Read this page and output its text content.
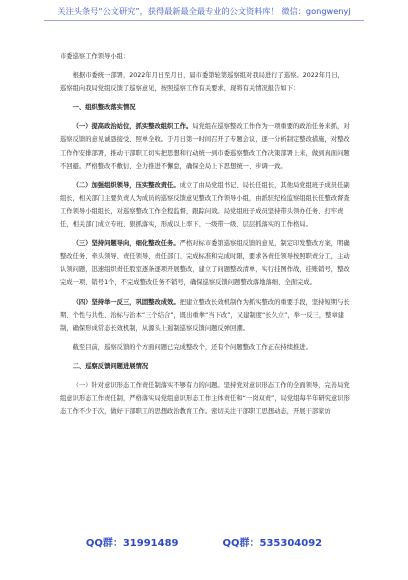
关注头条号“公文研究”，获得最新最全最专业的公文资料库！ 微信：gongwenyj

市委巡察工作领导小组：

根据市委统一部署，2022年月日至月日，届市委第轮第巡察组对我局进行了巡察。2022年月日，巡察组向我局党组反馈了巡察意见，按照巡察工作有关要求，现将有关情况报告如下：

一、组织整改落实情况

（一）提高政治站位，抓实整改组织工作。局党组在巡察整改工作作为一项重要的政治任务来抓，对巡察反馈的意见诚恳接受、照单全收。于月日第一时间召开了专题会议，逐一分析制定整改措施，对整改工作作安排部署，推动干部职工切实把思想和行动统一到市委巡察整改工作决策部署上来，做到真面问题不回避。严格整改不敷衍、全力推进不懈怠，确保全局上下思想统一、步调一致。

（二）加强组织领导，压实整改责任。成立了由局党组书记、局长任组长，其他局党组班子成员任副组长，相关部门主要负责人为成员的巡察反馈意见整改工作领导小组，由派驻纪检监察组组长任整改督查工作领导小组组长，对巡察整改工作全程监督，跟踪问效。局党组班子成员坚持带头领办任务、打牢责任，相关部门成立专班、狠抓落实，形成以上率下、一级带一级、层层抓落实的工作格局。

（三）坚持问题导向，细化整改任务。严格对标市委第巡察组反馈的意见，制定印发整改方案，明确整改任务、牵头领导、责任领导、责任部门、完成标准和完成时限，要求各责任领导按照职责分工，主动认领问题，迅速组织责任股室逐条逐项开展整改，建立了问题整改清单，实行挂图作战，挂账销号，整改完成一项、销号1个，不完成整改任务不销号，确保巡察反馈问题整改落地落细、全面完成。

（四）坚持举一反三，巩固整改成效。把建立整改长效机制作为抓实整改的重要手段，坚持短期与长期、个性与共性、治标与治本“三个结合”，既出重拳“当下改”，又建制度“长久立”，举一反三，整章建制，确保形成常态长效机制，从源头上遏制巡察反馈问题反弹回潮。

截至目前，巡察反馈的个方面问题已完成整改个，还有个问题整改工作正在持续推进。

二、巡察反馈问题进展情况

（一）针对意识形态工作责任制落实不够有力的问题。坚持党对意识形态工作的全面领导，完善局党组意识形态工作责任制，严格落实局党组意识形态工作主体责任和“一岗双责”，局党组每半年研究意识形态工作不少于次，做好干部职工的思想政治教育工作。密切关注干部职工思想动态，开展干部家访

QQ群：31991489	QQ群：535304092
